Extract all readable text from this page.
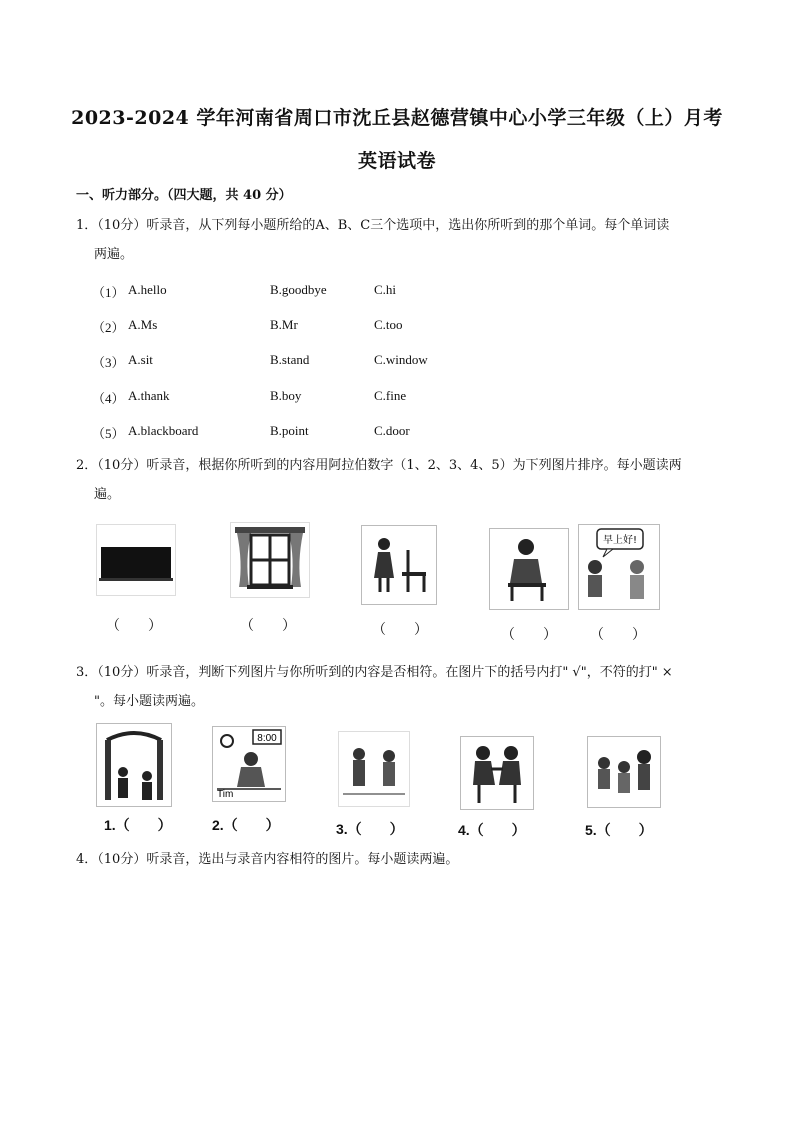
2023-2024 学年河南省周口市沈丘县赵德营镇中心小学三年级（上）月考
英语试卷
一、听力部分。（四大题，共 40 分）
1．（10分）听录音，从下列每小题所给的A、B、C三个选项中，选出你所听到的那个单词。每个单词读
两遍。
（1） A.hello	B.goodbye	C.hi
（2） A.Ms	B.Mr	C.too
（3） A.sit	B.stand	C.window
（4） A.thank	B.boy	C.fine
（5） A.blackboard	B.point	C.door
2．（10分）听录音，根据你所听到的内容用阿拉伯数字（1、2、3、4、5）为下列图片排序。每小题读两
遍。
早上好!
（　　）	（　　）	（　　）	（　　） （　　）
3．（10分）听录音，判断下列图片与你所听到的内容是否相符。在图片下的括号内打" √"，不符的打" ×
"。每小题读两遍。
8:00
Tim
1.（　　）	2.（　　）	3.（　　）	4.（　　）	5.（　　）
4．（10分）听录音，选出与录音内容相符的图片。每小题读两遍。
